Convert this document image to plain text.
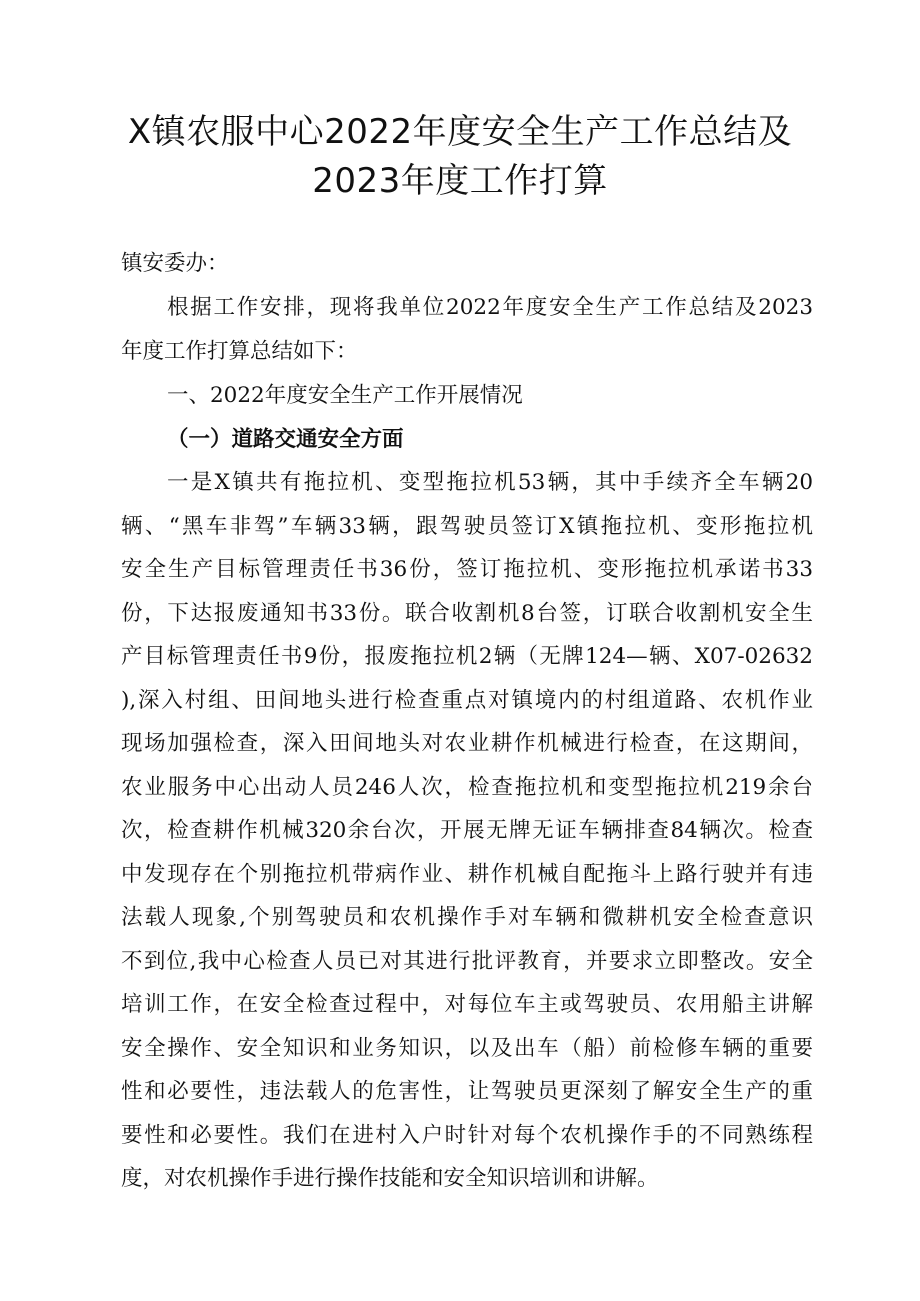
X镇农服中心2022年度安全生产工作总结及
2023年度工作打算
镇安委办：
根据工作安排，现将我单位2022年度安全生产工作总结及2023
年度工作打算总结如下：
一、2022年度安全生产工作开展情况
（一）道路交通安全方面
一是X镇共有拖拉机、变型拖拉机53辆，其中手续齐全车辆20
辆、“黑车非驾”车辆33辆，跟驾驶员签订X镇拖拉机、变形拖拉机
安全生产目标管理责任书36份，签订拖拉机、变形拖拉机承诺书33
份，下达报废通知书33份。联合收割机8台签，订联合收割机安全生
产目标管理责任书9份，报废拖拉机2辆（无牌124—辆、X07-02632
),深入村组、田间地头进行检查重点对镇境内的村组道路、农机作业
现场加强检查，深入田间地头对农业耕作机械进行检查，在这期间，
农业服务中心出动人员246人次，检查拖拉机和变型拖拉机219余台
次，检查耕作机械320余台次，开展无牌无证车辆排查84辆次。检查
中发现存在个别拖拉机带病作业、耕作机械自配拖斗上路行驶并有违
法载人现象,个别驾驶员和农机操作手对车辆和微耕机安全检查意识
不到位,我中心检查人员已对其进行批评教育，并要求立即整改。安全
培训工作，在安全检查过程中，对每位车主或驾驶员、农用船主讲解
安全操作、安全知识和业务知识，以及出车（船）前检修车辆的重要
性和必要性，违法载人的危害性，让驾驶员更深刻了解安全生产的重
要性和必要性。我们在进村入户时针对每个农机操作手的不同熟练程
度，对农机操作手进行操作技能和安全知识培训和讲解。
